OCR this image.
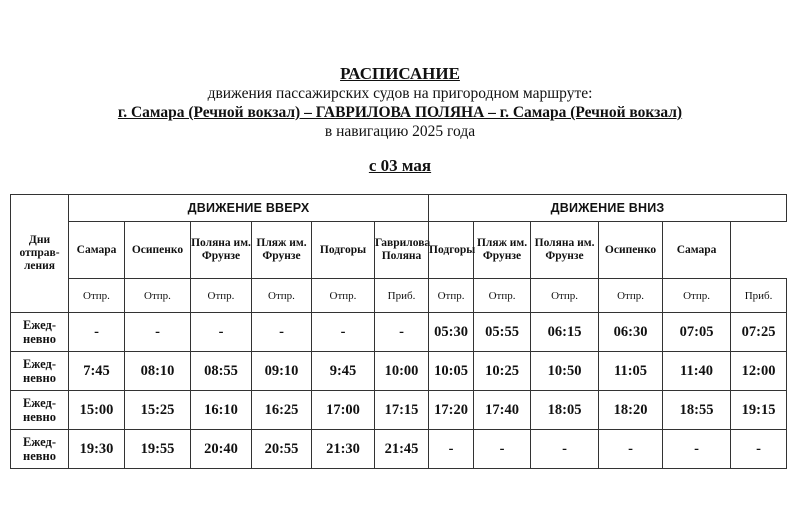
РАСПИСАНИЕ
движения пассажирских судов на пригородном маршруте:
г. Самара (Речной вокзал) – ГАВРИЛОВА ПОЛЯНА – г. Самара (Речной вокзал)
в навигацию 2025 года
с 03 мая
Дни отправ-ления	ДВИЖЕНИЕ ВВЕРХ						ДВИЖЕНИЕ ВНИЗ					
	Самара	Осипенко	Поляна им. Фрунзе	Пляж им. Фрунзе	Подгоры	Гаврилова Поляна	Подгоры	Пляж им. Фрунзе	Поляна им. Фрунзе	Осипенко	Самара	
	Отпр.	Отпр.	Отпр.	Отпр.	Отпр.	Приб.	Отпр.	Отпр.	Отпр.	Отпр.	Отпр.	Приб.
Ежед-невно	-	-	-	-	-	-	05:30	05:55	06:15	06:30	07:05	07:25
Ежед-невно	7:45	08:10	08:55	09:10	9:45	10:00	10:05	10:25	10:50	11:05	11:40	12:00
Ежед-невно	15:00	15:25	16:10	16:25	17:00	17:15	17:20	17:40	18:05	18:20	18:55	19:15
Ежед-невно	19:30	19:55	20:40	20:55	21:30	21:45	-	-	-	-	-	-
